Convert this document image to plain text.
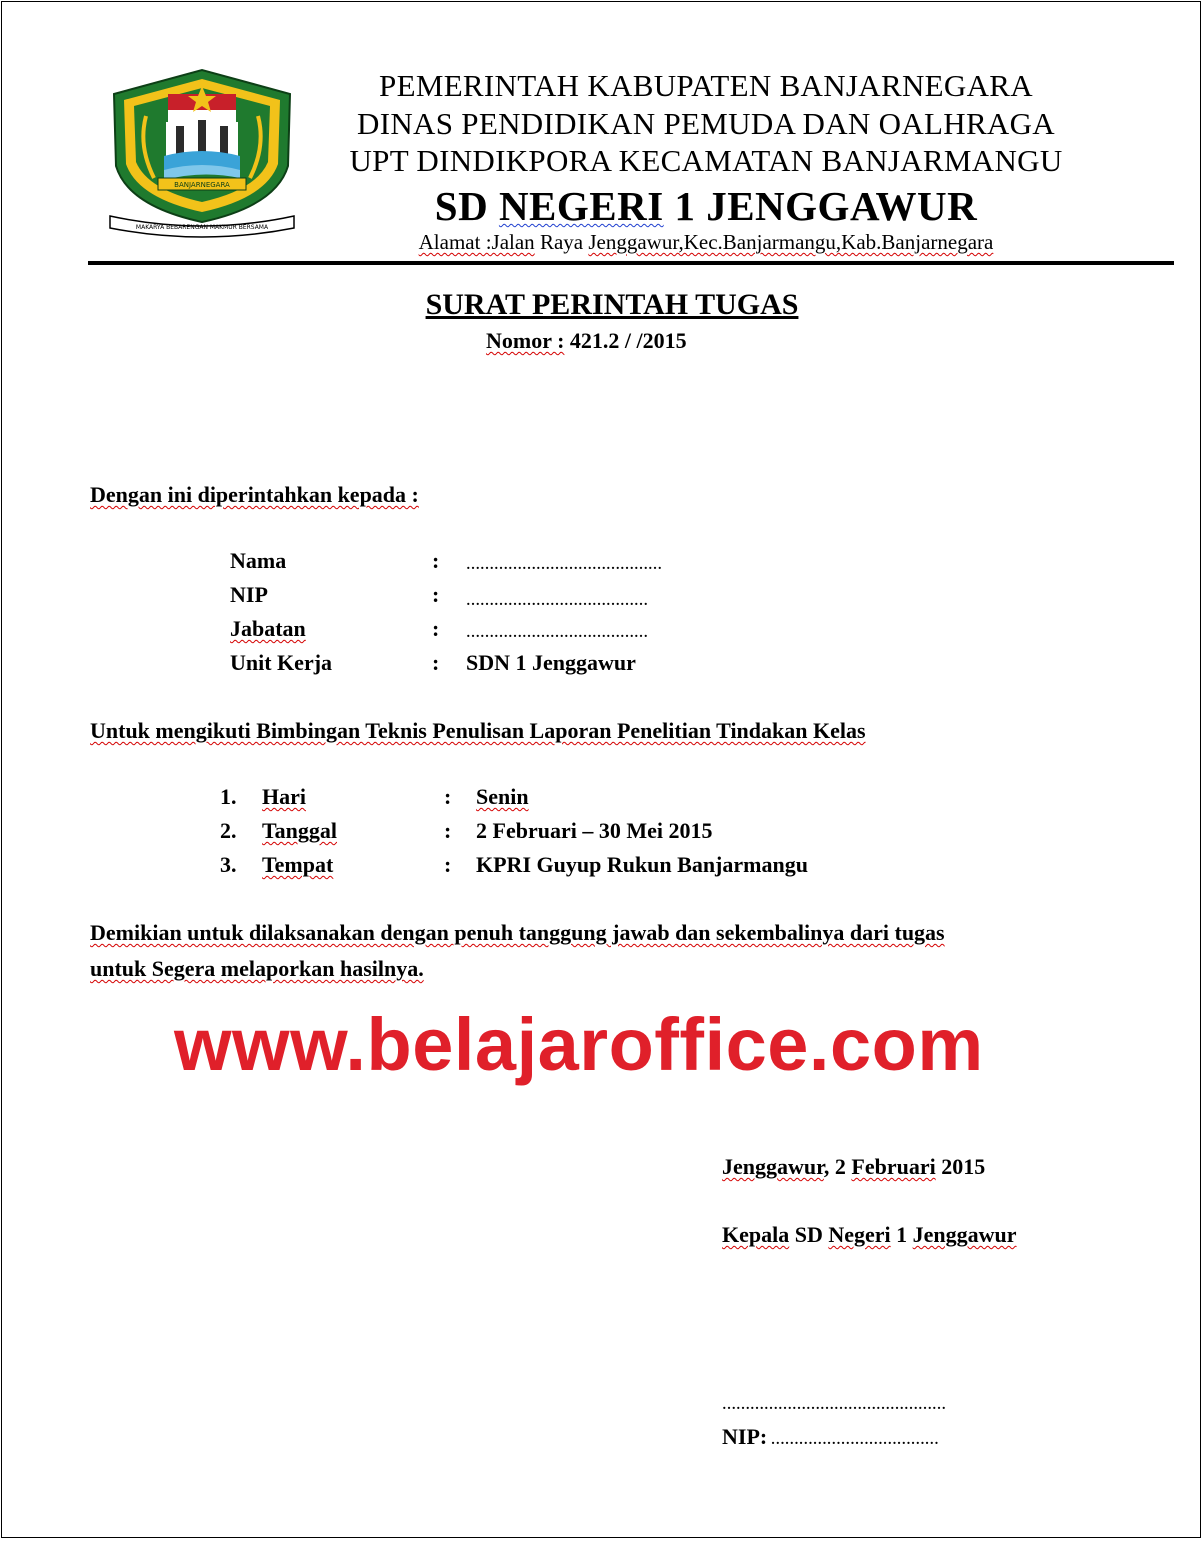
BANJARNEGARA
MAKARYA BEBARENGAN MAKMUR BERSAMA
PEMERINTAH KABUPATEN BANJARNEGARA
DINAS PENDIDIKAN PEMUDA DAN OALHRAGA
UPT DINDIKPORA KECAMATAN BANJARMANGU
SD NEGERI 1 JENGGAWUR
Alamat :Jalan Raya Jenggawur,Kec.Banjarmangu,Kab.Banjarnegara
SURAT PERINTAH TUGAS
Nomor : 421.2 / /2015
Dengan ini diperintahkan kepada :
Nama	: ……………………………………
NIP	: …………………………………
Jabatan	: …………………………………
Unit Kerja	: SDN 1 Jenggawur
Untuk mengikuti Bimbingan Teknis Penulisan Laporan Penelitian Tindakan Kelas
1. Hari	: Senin
2. Tanggal	: 2 Februari – 30 Mei 2015
3. Tempat	: KPRI Guyup Rukun Banjarmangu
Demikian untuk dilaksanakan dengan penuh tanggung jawab dan sekembalinya dari tugas
untuk Segera melaporkan hasilnya.
www.belajaroffice.com
Jenggawur, 2 Februari 2015
Kepala SD Negeri 1 Jenggawur
…………………………………………
NIP: ………………………………
